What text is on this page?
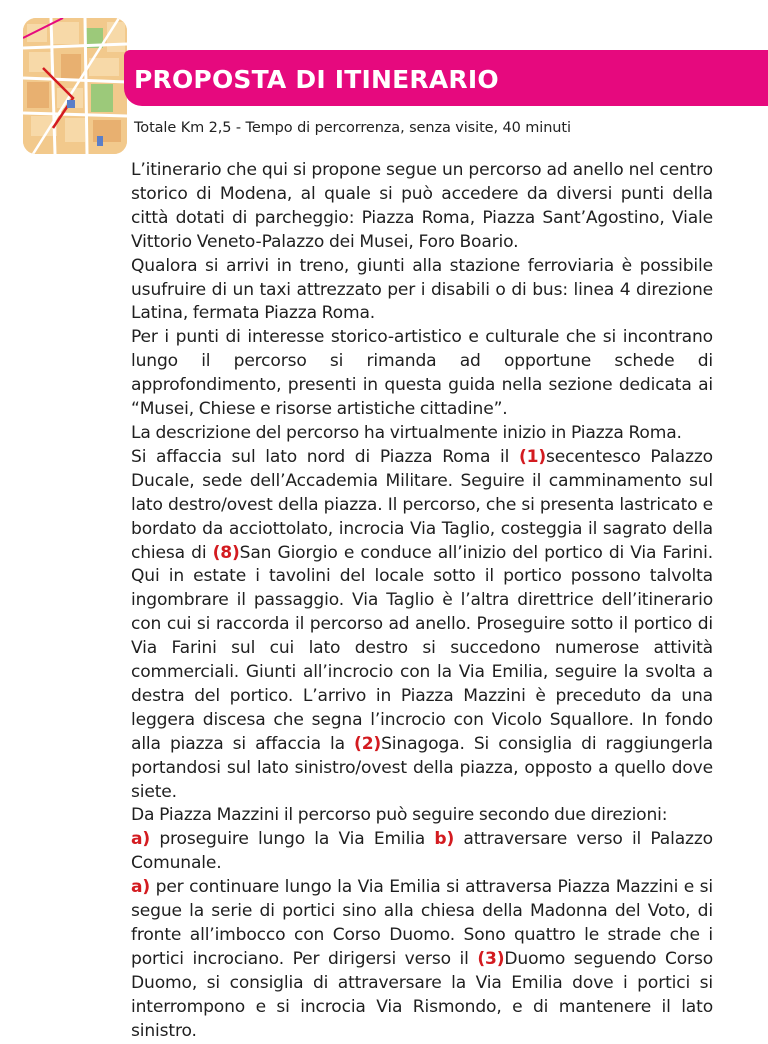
PROPOSTA DI ITINERARIO
Totale Km 2,5 - Tempo di percorrenza, senza visite, 40 minuti

L’itinerario che qui si propone segue un percorso ad anello nel centro storico di Modena, al quale si può accedere da diversi punti della città dotati di parcheggio: Piazza Roma, Piazza Sant’Agostino, Viale Vittorio Veneto-Palazzo dei Musei, Foro Boario.

Qualora si arrivi in treno, giunti alla stazione ferroviaria è possibile usufruire di un taxi attrezzato per i disabili o di bus: linea 4 direzione Latina, fermata Piazza Roma.

Per i punti di interesse storico-artistico e culturale che si incontrano lungo il percorso si rimanda ad opportune schede di approfondimento, presenti in questa guida nella sezione dedicata ai “Musei, Chiese e risorse artistiche cittadine”.

La descrizione del percorso ha virtualmente inizio in Piazza Roma.

Si affaccia sul lato nord di Piazza Roma il (1)secentesco Palazzo Ducale, sede dell’Accademia Militare. Seguire il camminamento sul lato destro/ovest della piazza. Il percorso, che si presenta lastricato e bordato da acciottolato, incrocia Via Taglio, costeggia il sagrato della chiesa di (8)San Giorgio e conduce all’inizio del portico di Via Farini. Qui in estate i tavolini del locale sotto il portico possono talvolta ingombrare il passaggio. Via Taglio è l’altra direttrice dell’itinerario con cui si raccorda il percorso ad anello. Proseguire sotto il portico di Via Farini sul cui lato destro si succedono numerose attività commerciali. Giunti all’incrocio con la Via Emilia, seguire la svolta a destra del portico. L’arrivo in Piazza Mazzini è preceduto da una leggera discesa che segna l’incrocio con Vicolo Squallore. In fondo alla piazza si affaccia la (2)Sinagoga. Si consiglia di raggiungerla portandosi sul lato sinistro/ovest della piazza, opposto a quello dove siete.

Da Piazza Mazzini il percorso può seguire secondo due direzioni:

a) proseguire lungo la Via Emilia b) attraversare verso il Palazzo Comunale.

a) per continuare lungo la Via Emilia si attraversa Piazza Mazzini e si segue la serie di portici sino alla chiesa della Madonna del Voto, di fronte all’imbocco con Corso Duomo. Sono quattro le strade che i portici incrociano. Per dirigersi verso il (3)Duomo seguendo Corso Duomo, si consiglia di attraversare la Via Emilia dove i portici si interrompono e si incrocia Via Rismondo, e di mantenere il lato sinistro.
